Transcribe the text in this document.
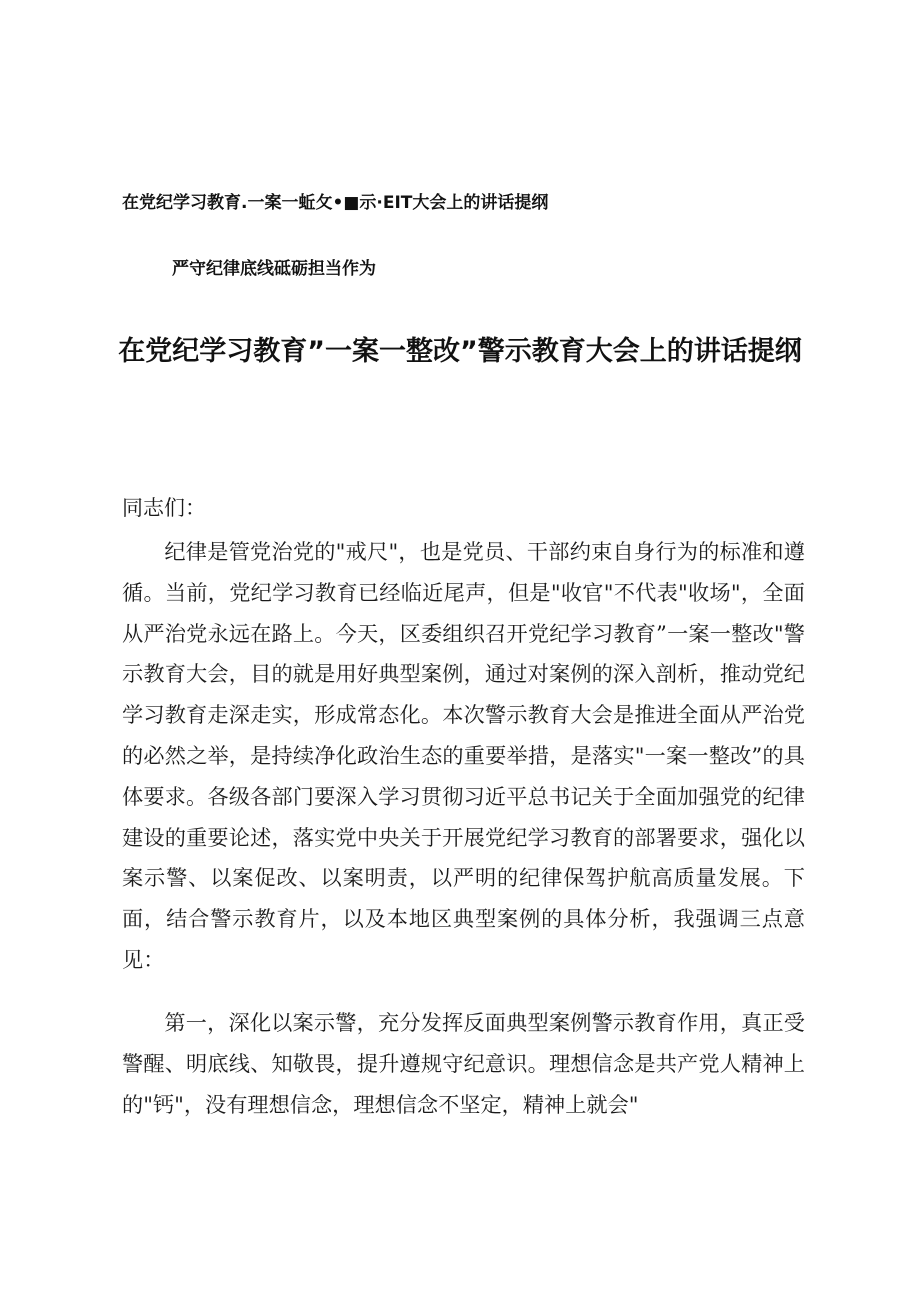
在党纪学习教育.一案一蚯攵•■示·EIT大会上的讲话提纲
严守纪律底线砥砺担当作为
在党纪学习教育”一案一整改”警示教育大会上的讲话提纲
同志们：

纪律是管党治党的"戒尺"，也是党员、干部约束自身行为的标准和遵循。当前，党纪学习教育已经临近尾声，但是"收官"不代表"收场"，全面从严治党永远在路上。今天，区委组织召开党纪学习教育”一案一整改"警示教育大会，目的就是用好典型案例，通过对案例的深入剖析，推动党纪学习教育走深走实，形成常态化。本次警示教育大会是推进全面从严治党的必然之举，是持续净化政治生态的重要举措，是落实"一案一整改”的具体要求。各级各部门要深入学习贯彻习近平总书记关于全面加强党的纪律建设的重要论述，落实党中央关于开展党纪学习教育的部署要求，强化以案示警、以案促改、以案明责，以严明的纪律保驾护航高质量发展。下面，结合警示教育片，以及本地区典型案例的具体分析，我强调三点意见：

第一，深化以案示警，充分发挥反面典型案例警示教育作用，真正受警醒、明底线、知敬畏，提升遵规守纪意识。理想信念是共产党人精神上的"钙"，没有理想信念，理想信念不坚定，精神上就会"
